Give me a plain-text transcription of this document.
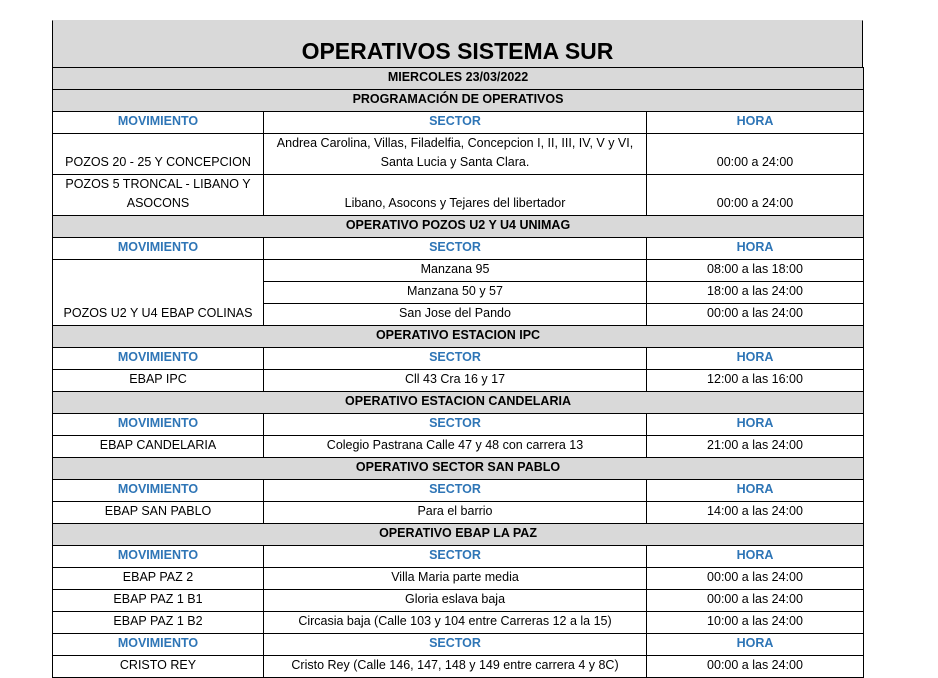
OPERATIVOS SISTEMA SUR
MIERCOLES 23/03/2022		
PROGRAMACIÓN DE OPERATIVOS		
MOVIMIENTO	SECTOR	HORA
POZOS 20 - 25 Y CONCEPCION	Andrea Carolina, Villas, Filadelfia, Concepcion I, II, III, IV, V y VI, Santa Lucia y Santa Clara.	00:00 a 24:00
POZOS 5 TRONCAL - LIBANO Y ASOCONS	Libano, Asocons y Tejares del libertador	00:00 a 24:00
OPERATIVO POZOS U2 Y U4 UNIMAG		
MOVIMIENTO	SECTOR	HORA
POZOS U2 Y U4 EBAP COLINAS	Manzana 95	08:00 a las 18:00
	Manzana 50 y 57	18:00 a las 24:00
	San Jose del Pando	00:00 a las 24:00
OPERATIVO ESTACION IPC		
MOVIMIENTO	SECTOR	HORA
EBAP IPC	Cll 43 Cra 16 y 17	12:00 a las 16:00
OPERATIVO ESTACION CANDELARIA		
MOVIMIENTO	SECTOR	HORA
EBAP CANDELARIA	Colegio Pastrana Calle 47 y 48 con carrera 13	21:00 a las 24:00
OPERATIVO SECTOR SAN PABLO		
MOVIMIENTO	SECTOR	HORA
EBAP SAN PABLO	Para el barrio	14:00 a las 24:00
OPERATIVO EBAP LA PAZ		
MOVIMIENTO	SECTOR	HORA
EBAP PAZ 2	Villa Maria parte media	00:00 a las 24:00
EBAP PAZ 1 B1	Gloria eslava baja	00:00 a las 24:00
EBAP PAZ 1 B2	Circasia baja (Calle 103 y 104 entre Carreras 12 a la 15)	10:00 a las 24:00
MOVIMIENTO	SECTOR	HORA
CRISTO REY	Cristo Rey (Calle 146, 147, 148 y 149 entre carrera 4 y 8C)	00:00 a las 24:00
